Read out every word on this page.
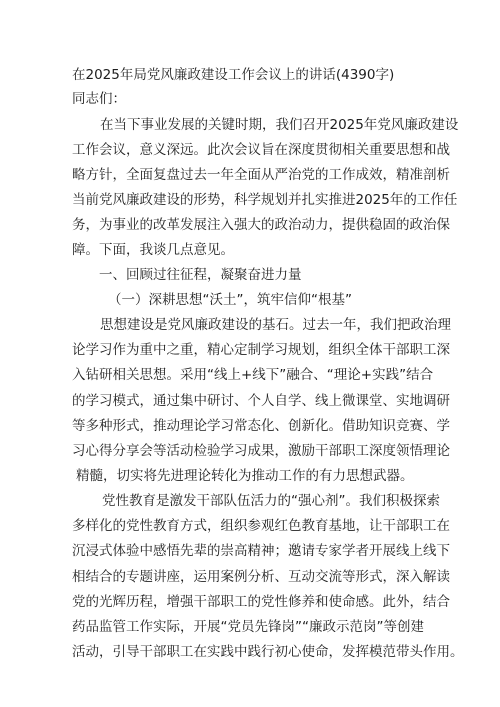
在2025年局党风廉政建设工作会议上的讲话(4390字)
同志们：
在当下事业发展的关键时期，我们召开2025年党风廉政建设
工作会议，意义深远。此次会议旨在深度贯彻相关重要思想和战
略方针，全面复盘过去一年全面从严治党的工作成效，精准剖析
当前党风廉政建设的形势，科学规划并扎实推进2025年的工作任
务，为事业的改革发展注入强大的政治动力，提供稳固的政治保
障。下面，我谈几点意见。
一、回顾过往征程，凝聚奋进力量
（一）深耕思想“沃土”，筑牢信仰“根基”
思想建设是党风廉政建设的基石。过去一年，我们把政治理
论学习作为重中之重，精心定制学习规划，组织全体干部职工深
入钻研相关思想。采用“线上+线下”融合、“理论+实践”结合
的学习模式，通过集中研讨、个人自学、线上微课堂、实地调研
等多种形式，推动理论学习常态化、创新化。借助知识竞赛、学
习心得分享会等活动检验学习成果，激励干部职工深度领悟理论
精髓，切实将先进理论转化为推动工作的有力思想武器。
党性教育是激发干部队伍活力的“强心剂”。我们积极探索
多样化的党性教育方式，组织参观红色教育基地，让干部职工在
沉浸式体验中感悟先辈的崇高精神；邀请专家学者开展线上线下
相结合的专题讲座，运用案例分析、互动交流等形式，深入解读
党的光辉历程，增强干部职工的党性修养和使命感。此外，结合
药品监管工作实际，开展“党员先锋岗”“廉政示范岗”等创建
活动，引导干部职工在实践中践行初心使命，发挥模范带头作用。
